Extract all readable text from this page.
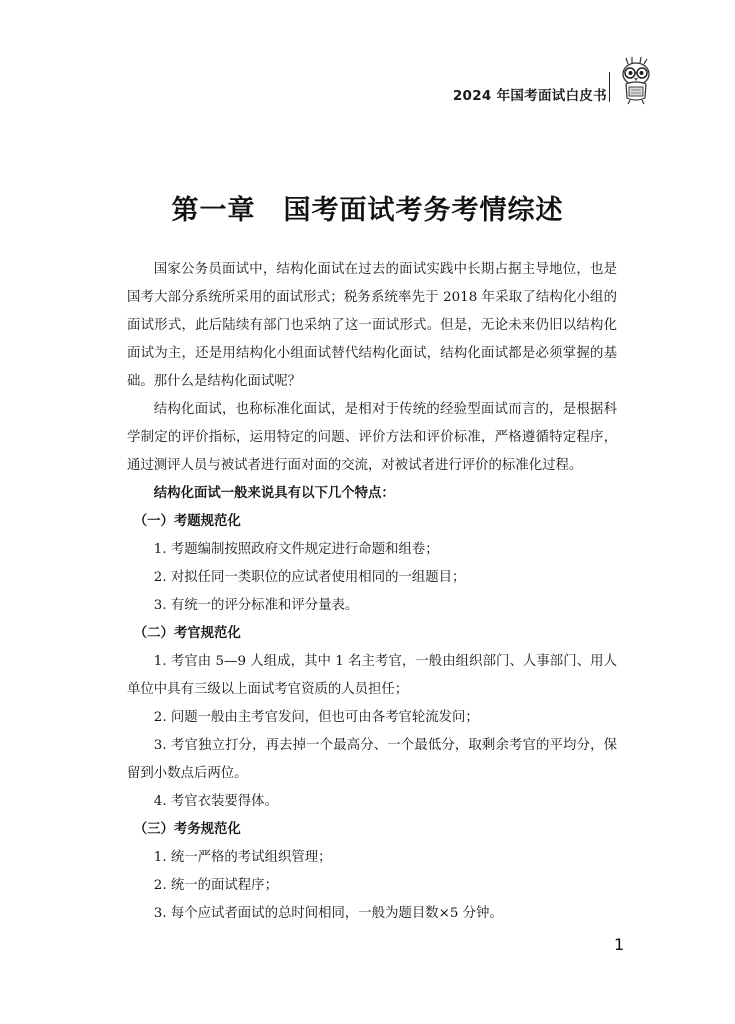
2024 年国考面试白皮书
第一章　国考面试考务考情综述

国家公务员面试中，结构化面试在过去的面试实践中长期占据主导地位，也是国考大部分系统所采用的面试形式；税务系统率先于 2018 年采取了结构化小组的面试形式，此后陆续有部门也采纳了这一面试形式。但是，无论未来仍旧以结构化面试为主，还是用结构化小组面试替代结构化面试，结构化面试都是必须掌握的基础。那什么是结构化面试呢？

结构化面试，也称标准化面试，是相对于传统的经验型面试而言的，是根据科学制定的评价指标，运用特定的问题、评价方法和评价标准，严格遵循特定程序，通过测评人员与被试者进行面对面的交流，对被试者进行评价的标准化过程。

结构化面试一般来说具有以下几个特点：

（一）考题规范化

1. 考题编制按照政府文件规定进行命题和组卷；

2. 对拟任同一类职位的应试者使用相同的一组题目；

3. 有统一的评分标准和评分量表。

（二）考官规范化

1. 考官由 5—9 人组成，其中 1 名主考官，一般由组织部门、人事部门、用人单位中具有三级以上面试考官资质的人员担任；

2. 问题一般由主考官发问，但也可由各考官轮流发问；

3. 考官独立打分，再去掉一个最高分、一个最低分，取剩余考官的平均分，保留到小数点后两位。

4. 考官衣装要得体。

（三）考务规范化

1. 统一严格的考试组织管理；

2. 统一的面试程序；

3. 每个应试者面试的总时间相同，一般为题目数×5 分钟。

1
